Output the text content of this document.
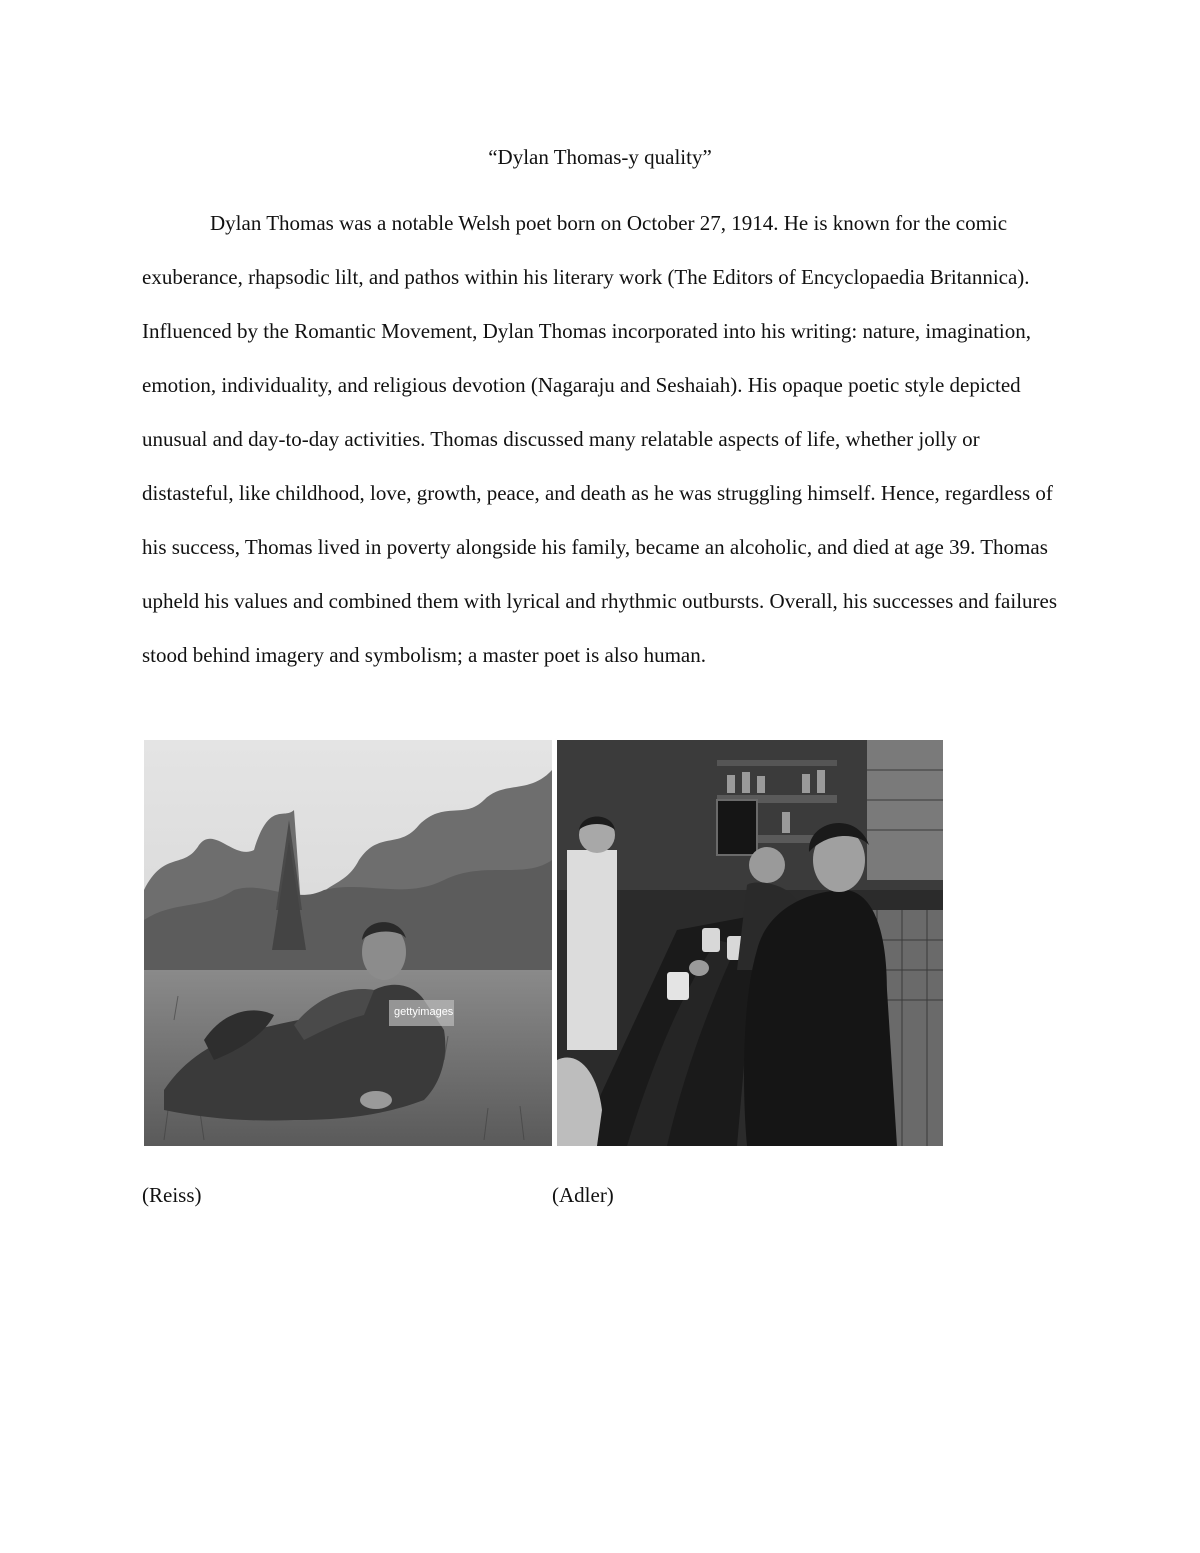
“Dylan Thomas-y quality”

Dylan Thomas was a notable Welsh poet born on October 27, 1914. He is known for the comic exuberance, rhapsodic lilt, and pathos within his literary work (The Editors of Encyclopaedia Britannica). Influenced by the Romantic Movement, Dylan Thomas incorporated into his writing: nature, imagination, emotion, individuality, and religious devotion (Nagaraju and Seshaiah). His opaque poetic style depicted unusual and day-to-day activities. Thomas discussed many relatable aspects of life, whether jolly or distasteful, like childhood, love, growth, peace, and death as he was struggling himself. Hence, regardless of his success, Thomas lived in poverty alongside his family, became an alcoholic, and died at age 39. Thomas upheld his values and combined them with lyrical and rhythmic outbursts. Overall, his successes and failures stood behind imagery and symbolism; a master poet is also human.

gettyimages
(Reiss)	(Adler)
